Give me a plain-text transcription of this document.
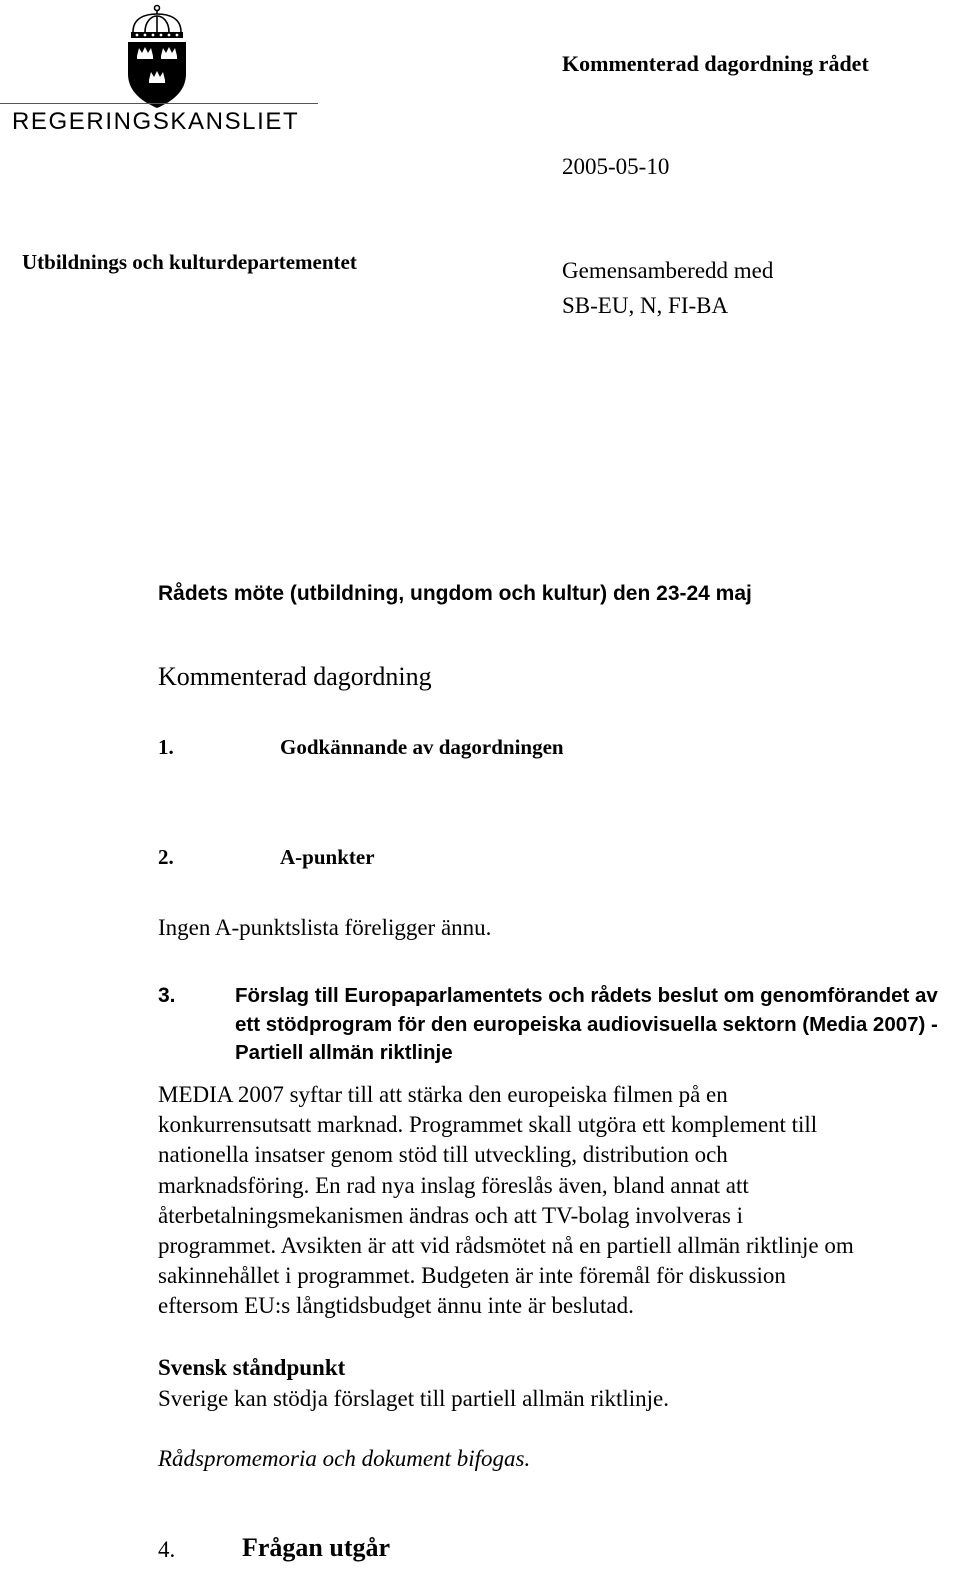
REGERINGSKANSLIET
Kommenterad dagordning rådet
2005-05-10
Utbildnings och kulturdepartementet	Gemensamberedd med SB-EU, N, FI-BA
Rådets möte (utbildning, ungdom och kultur) den 23-24 maj
Kommenterad dagordning
1.	Godkännande av dagordningen
2.	A-punkter
Ingen A-punktslista föreligger ännu.
3.	Förslag till Europaparlamentets och rådets beslut om genomförandet av ett stödprogram för den europeiska audiovisuella sektorn (Media 2007) - Partiell allmän riktlinje
MEDIA 2007 syftar till att stärka den europeiska filmen på en
konkurrensutsatt marknad. Programmet skall utgöra ett komplement till
nationella insatser genom stöd till utveckling, distribution och
marknadsföring. En rad nya inslag föreslås även, bland annat att
återbetalningsmekanismen ändras och att TV-bolag involveras i
programmet. Avsikten är att vid rådsmötet nå en partiell allmän riktlinje om
sakinnehållet i programmet. Budgeten är inte föremål för diskussion
eftersom EU:s långtidsbudget ännu inte är beslutad.
Svensk ståndpunkt
Sverige kan stödja förslaget till partiell allmän riktlinje.
Rådspromemoria och dokument bifogas.
4.	Frågan utgår
